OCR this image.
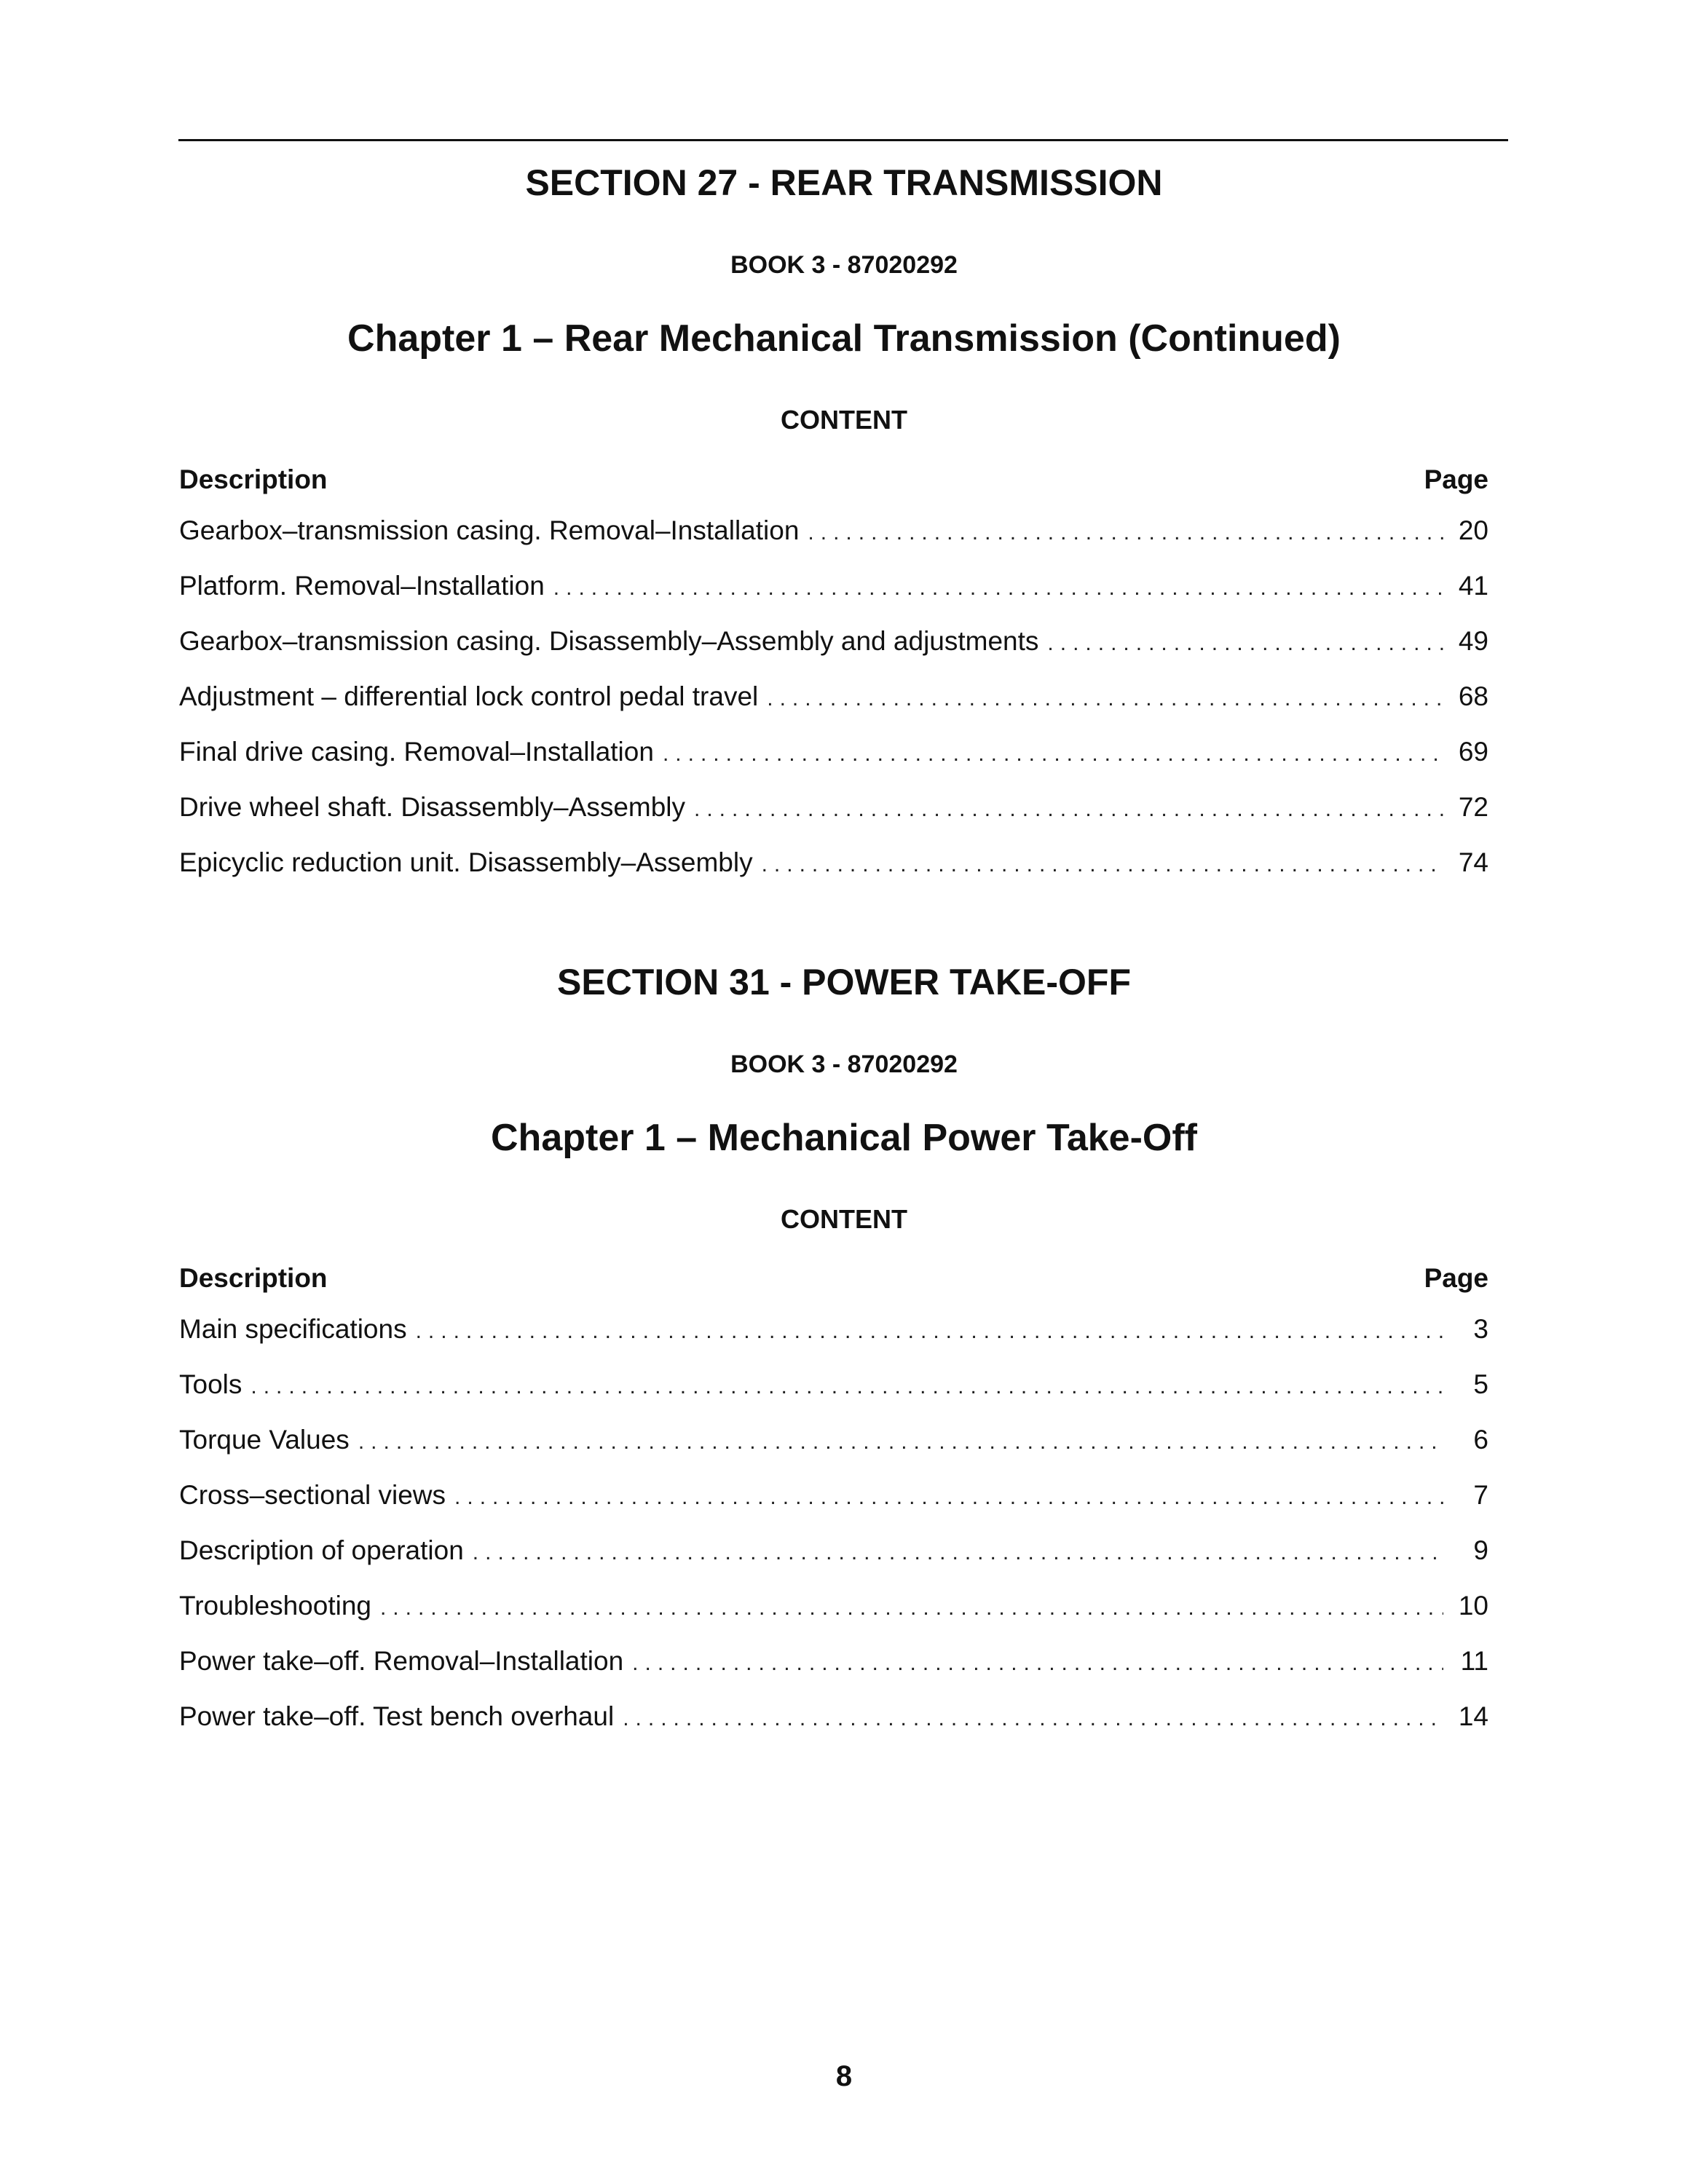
SECTION 27 - REAR TRANSMISSION
BOOK 3 - 87020292
Chapter 1 – Rear Mechanical Transmission (Continued)
CONTENT
Description	Page
Gearbox–transmission casing. Removal–Installation .....	20
Platform. Removal–Installation .....	41
Gearbox–transmission casing. Disassembly–Assembly and adjustments .....	49
Adjustment – differential lock control pedal travel .....	68
Final drive casing. Removal–Installation .....	69
Drive wheel shaft. Disassembly–Assembly .....	72
Epicyclic reduction unit. Disassembly–Assembly .....	74
SECTION 31 - POWER TAKE-OFF
BOOK 3 - 87020292
Chapter 1 – Mechanical Power Take-Off
CONTENT
Description	Page
Main specifications .....	3
Tools .....	5
Torque Values .....	6
Cross–sectional views .....	7
Description of operation .....	9
Troubleshooting .....	10
Power take–off. Removal–Installation .....	11
Power take–off. Test bench overhaul .....	14
8
